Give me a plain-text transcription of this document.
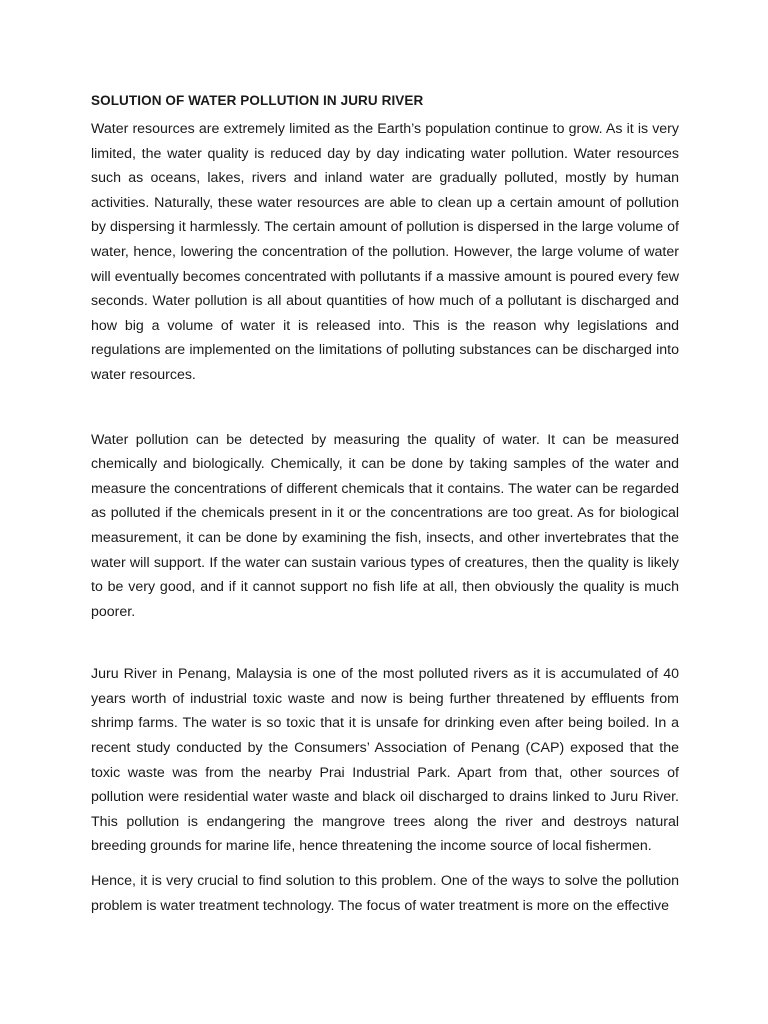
SOLUTION OF WATER POLLUTION IN JURU RIVER

Water resources are extremely limited as the Earth’s population continue to grow. As it is very limited, the water quality is reduced day by day indicating water pollution. Water resources such as oceans, lakes, rivers and inland water are gradually polluted, mostly by human activities. Naturally, these water resources are able to clean up a certain amount of pollution by dispersing it harmlessly. The certain amount of pollution is dispersed in the large volume of water, hence, lowering the concentration of the pollution. However, the large volume of water will eventually becomes concentrated with pollutants if a massive amount is poured every few seconds. Water pollution is all about quantities of how much of a pollutant is discharged and how big a volume of water it is released into. This is the reason why legislations and regulations are implemented on the limitations of polluting substances can be discharged into water resources.

Water pollution can be detected by measuring the quality of water. It can be measured chemically and biologically. Chemically, it can be done by taking samples of the water and measure the concentrations of different chemicals that it contains. The water can be regarded as polluted if the chemicals present in it or the concentrations are too great. As for biological measurement, it can be done by examining the fish, insects, and other invertebrates that the water will support. If the water can sustain various types of creatures, then the quality is likely to be very good, and if it cannot support no fish life at all, then obviously the quality is much poorer.

Juru River in Penang, Malaysia is one of the most polluted rivers as it is accumulated of 40 years worth of industrial toxic waste and now is being further threatened by effluents from shrimp farms. The water is so toxic that it is unsafe for drinking even after being boiled. In a recent study conducted by the Consumers’ Association of Penang (CAP) exposed that the toxic waste was from the nearby Prai Industrial Park. Apart from that, other sources of pollution were residential water waste and black oil discharged to drains linked to Juru River. This pollution is endangering the mangrove trees along the river and destroys natural breeding grounds for marine life, hence threatening the income source of local fishermen.

Hence, it is very crucial to find solution to this problem. One of the ways to solve the pollution problem is water treatment technology. The focus of water treatment is more on the effective
